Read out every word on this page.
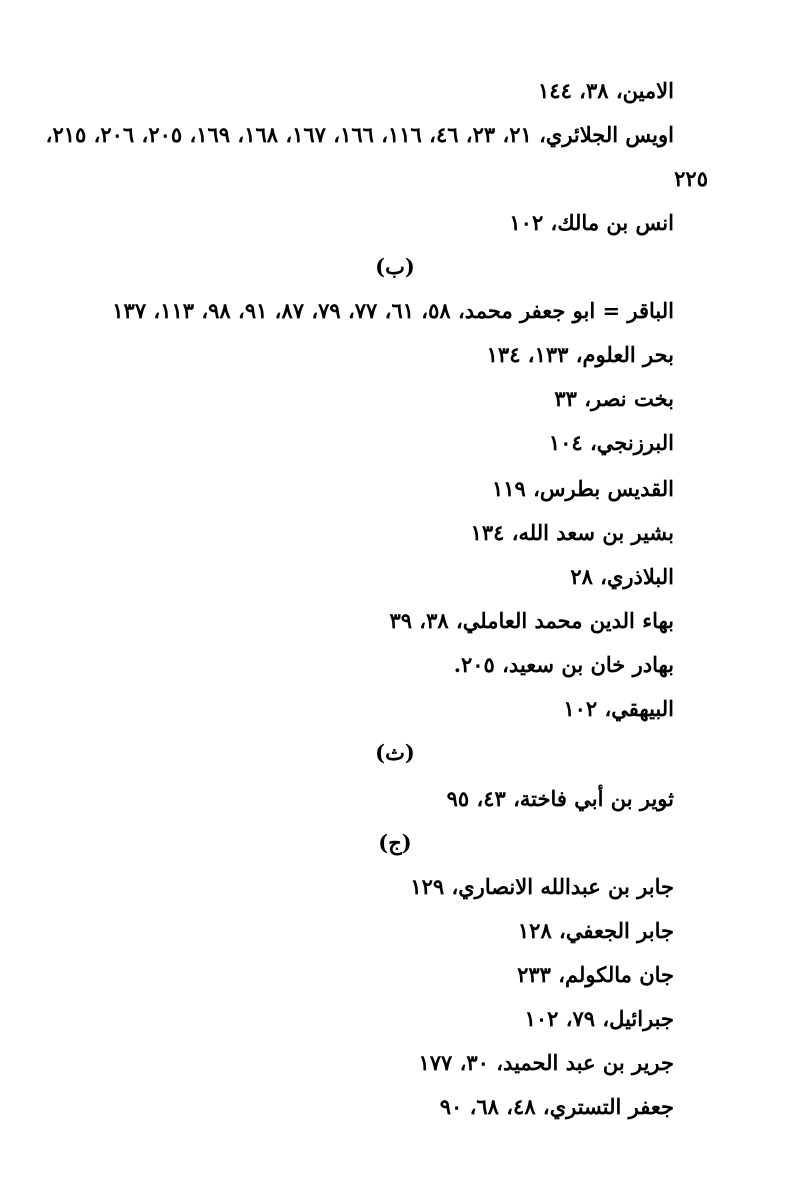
الامين، ٣٨، ١٤٤
اويس الجلائري، ٢١، ٢٣، ٤٦، ١١٦، ١٦٦، ١٦٧، ١٦٨، ١٦٩، ٢٠٥، ٢٠٦، ٢١٥،
٢٢٥
انس بن مالك، ١٠٢
(ب)
الباقر = ابو جعفر محمد، ٥٨، ٦١، ٧٧، ٧٩، ٨٧، ٩١، ٩٨، ١١٣، ١٣٧
بحر العلوم، ١٣٣، ١٣٤
بخت نصر، ٣٣
البرزنجي، ١٠٤
القديس بطرس، ١١٩
بشير بن سعد الله، ١٣٤
البلاذري، ٢٨
بهاء الدين محمد العاملي، ٣٨، ٣٩
بهادر خان بن سعيد، ٢٠٥.
البيهقي، ١٠٢
(ث)
ثوير بن أبي فاختة، ٤٣، ٩٥
(ج)
جابر بن عبدالله الانصاري، ١٢٩
جابر الجعفي، ١٢٨
جان مالكولم، ٢٣٣
جبرائيل، ٧٩، ١٠٢
جرير بن عبد الحميد، ٣٠، ١٧٧
جعفر التستري، ٤٨، ٦٨، ٩٠
